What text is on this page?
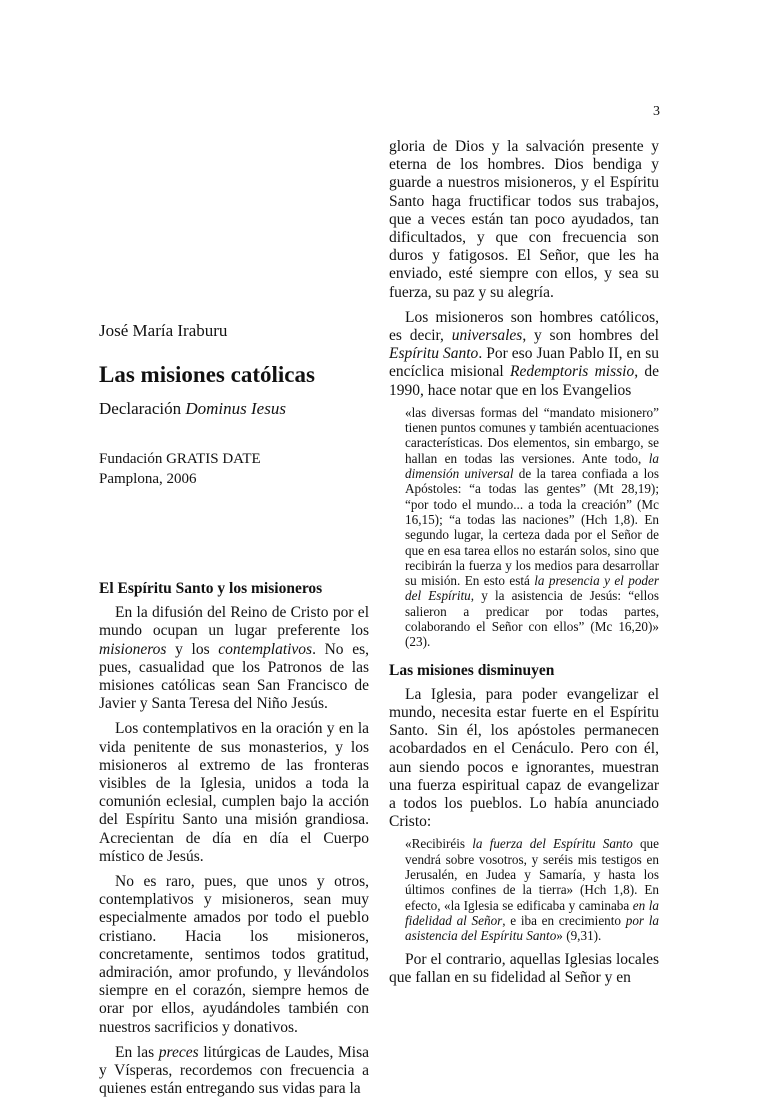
3
José María Iraburu
Las misiones católicas
Declaración Dominus Iesus
Fundación GRATIS DATE
Pamplona, 2006
El Espíritu Santo y los misioneros

En la difusión del Reino de Cristo por el mundo ocupan un lugar preferente los misioneros y los contemplativos. No es, pues, casualidad que los Patronos de las misiones católicas sean San Francisco de Javier y Santa Teresa del Niño Jesús.

Los contemplativos en la oración y en la vida penitente de sus monasterios, y los misioneros al extremo de las fronteras visibles de la Iglesia, unidos a toda la comunión eclesial, cumplen bajo la acción del Espíritu Santo una misión grandiosa. Acrecientan de día en día el Cuerpo místico de Jesús.

No es raro, pues, que unos y otros, contemplativos y misioneros, sean muy especialmente amados por todo el pueblo cristiano. Hacia los misioneros, concretamente, sentimos todos gratitud, admiración, amor profundo, y llevándolos siempre en el corazón, siempre hemos de orar por ellos, ayudándoles también con nuestros sacrificios y donativos.

En las preces litúrgicas de Laudes, Misa y Vísperas, recordemos con frecuencia a quienes están entregando sus vidas para la

gloria de Dios y la salvación presente y eterna de los hombres. Dios bendiga y guarde a nuestros misioneros, y el Espíritu Santo haga fructificar todos sus trabajos, que a veces están tan poco ayudados, tan dificultados, y que con frecuencia son duros y fatigosos. El Señor, que les ha enviado, esté siempre con ellos, y sea su fuerza, su paz y su alegría.

Los misioneros son hombres católicos, es decir, universales, y son hombres del Espíritu Santo. Por eso Juan Pablo II, en su encíclica misional Redemptoris missio, de 1990, hace notar que en los Evangelios

«las diversas formas del “mandato misionero” tienen puntos comunes y también acentuaciones características. Dos elementos, sin embargo, se hallan en todas las versiones. Ante todo, la dimensión universal de la tarea confiada a los Apóstoles: “a todas las gentes” (Mt 28,19); “por todo el mundo... a toda la creación” (Mc 16,15); “a todas las naciones” (Hch 1,8). En segundo lugar, la certeza dada por el Señor de que en esa tarea ellos no estarán solos, sino que recibirán la fuerza y los medios para desarrollar su misión. En esto está la presencia y el poder del Espíritu, y la asistencia de Jesús: “ellos salieron a predicar por todas partes, colaborando el Señor con ellos” (Mc 16,20)» (23).

Las misiones disminuyen

La Iglesia, para poder evangelizar el mundo, necesita estar fuerte en el Espíritu Santo. Sin él, los apóstoles permanecen acobardados en el Cenáculo. Pero con él, aun siendo pocos e ignorantes, muestran una fuerza espiritual capaz de evangelizar a todos los pueblos. Lo había anunciado Cristo:

«Recibiréis la fuerza del Espíritu Santo que vendrá sobre vosotros, y seréis mis testigos en Jerusalén, en Judea y Samaría, y hasta los últimos confines de la tierra» (Hch 1,8). En efecto, «la Iglesia se edificaba y caminaba en la fidelidad al Señor, e iba en crecimiento por la asistencia del Espíritu Santo» (9,31).

Por el contrario, aquellas Iglesias locales que fallan en su fidelidad al Señor y en
